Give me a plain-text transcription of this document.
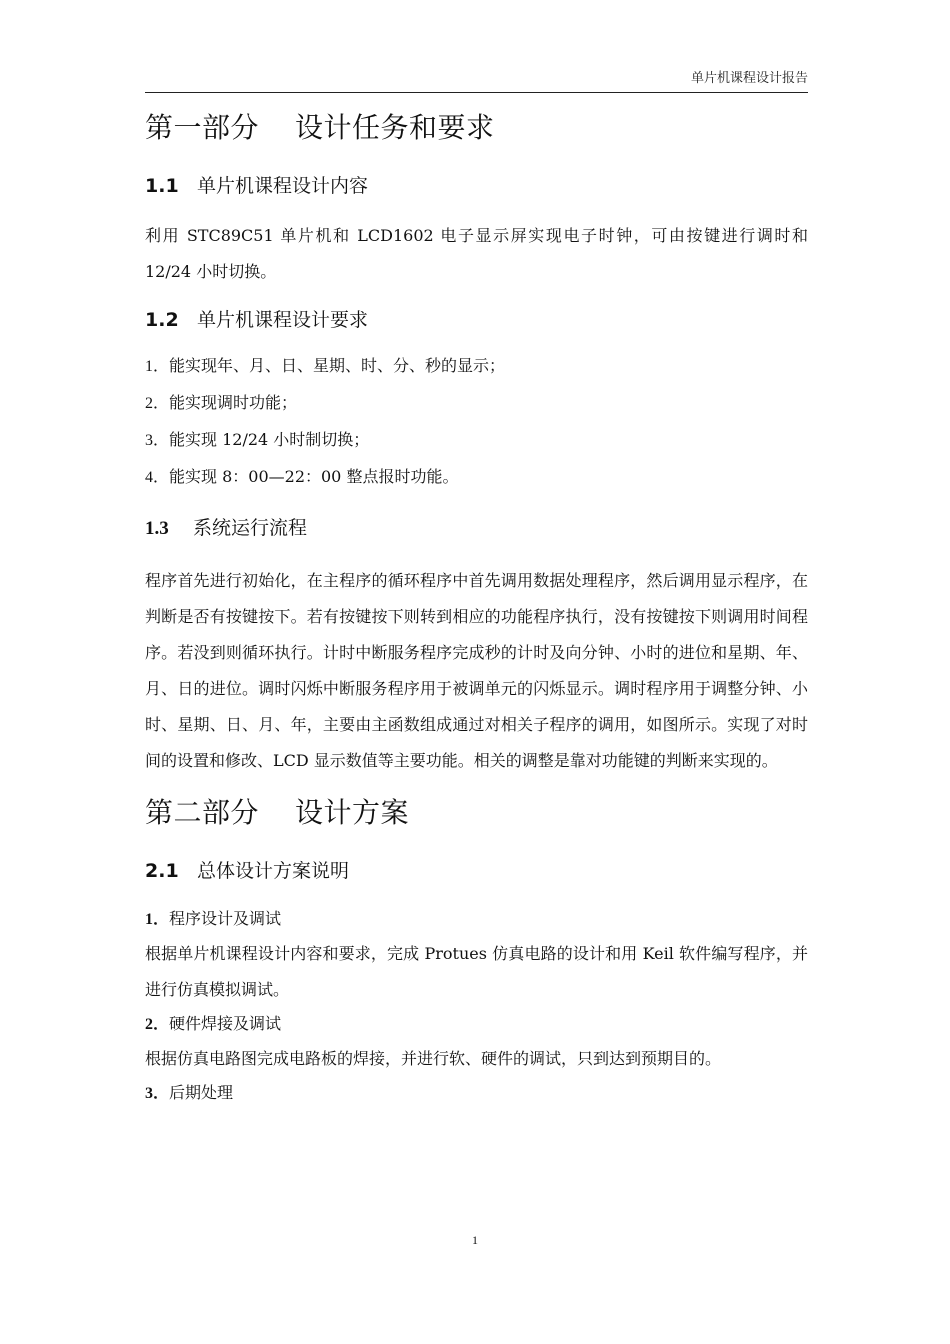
单片机课程设计报告
第一部分 设计任务和要求
1.1 单片机课程设计内容

利用 STC89C51 单片机和 LCD1602 电子显示屏实现电子时钟，可由按键进行调时和 12/24 小时切换。

1.2 单片机课程设计要求

1．能实现年、月、日、星期、时、分、秒的显示；

2．能实现调时功能；

3．能实现 12/24 小时制切换；

4．能实现 8：00—22：00 整点报时功能。

1.3 系统运行流程

程序首先进行初始化，在主程序的循环程序中首先调用数据处理程序，然后调用显示程序，在判断是否有按键按下。若有按键按下则转到相应的功能程序执行，没有按键按下则调用时间程序。若没到则循环执行。计时中断服务程序完成秒的计时及向分钟、小时的进位和星期、年、月、日的进位。调时闪烁中断服务程序用于被调单元的闪烁显示。调时程序用于调整分钟、小时、星期、日、月、年，主要由主函数组成通过对相关子程序的调用，如图所示。实现了对时间的设置和修改、LCD 显示数值等主要功能。相关的调整是靠对功能键的判断来实现的。

第二部分 设计方案
2.1 总体设计方案说明

1．程序设计及调试

根据单片机课程设计内容和要求，完成 Protues 仿真电路的设计和用 Keil 软件编写程序，并进行仿真模拟调试。

2．硬件焊接及调试

根据仿真电路图完成电路板的焊接，并进行软、硬件的调试，只到达到预期目的。

3．后期处理

1
